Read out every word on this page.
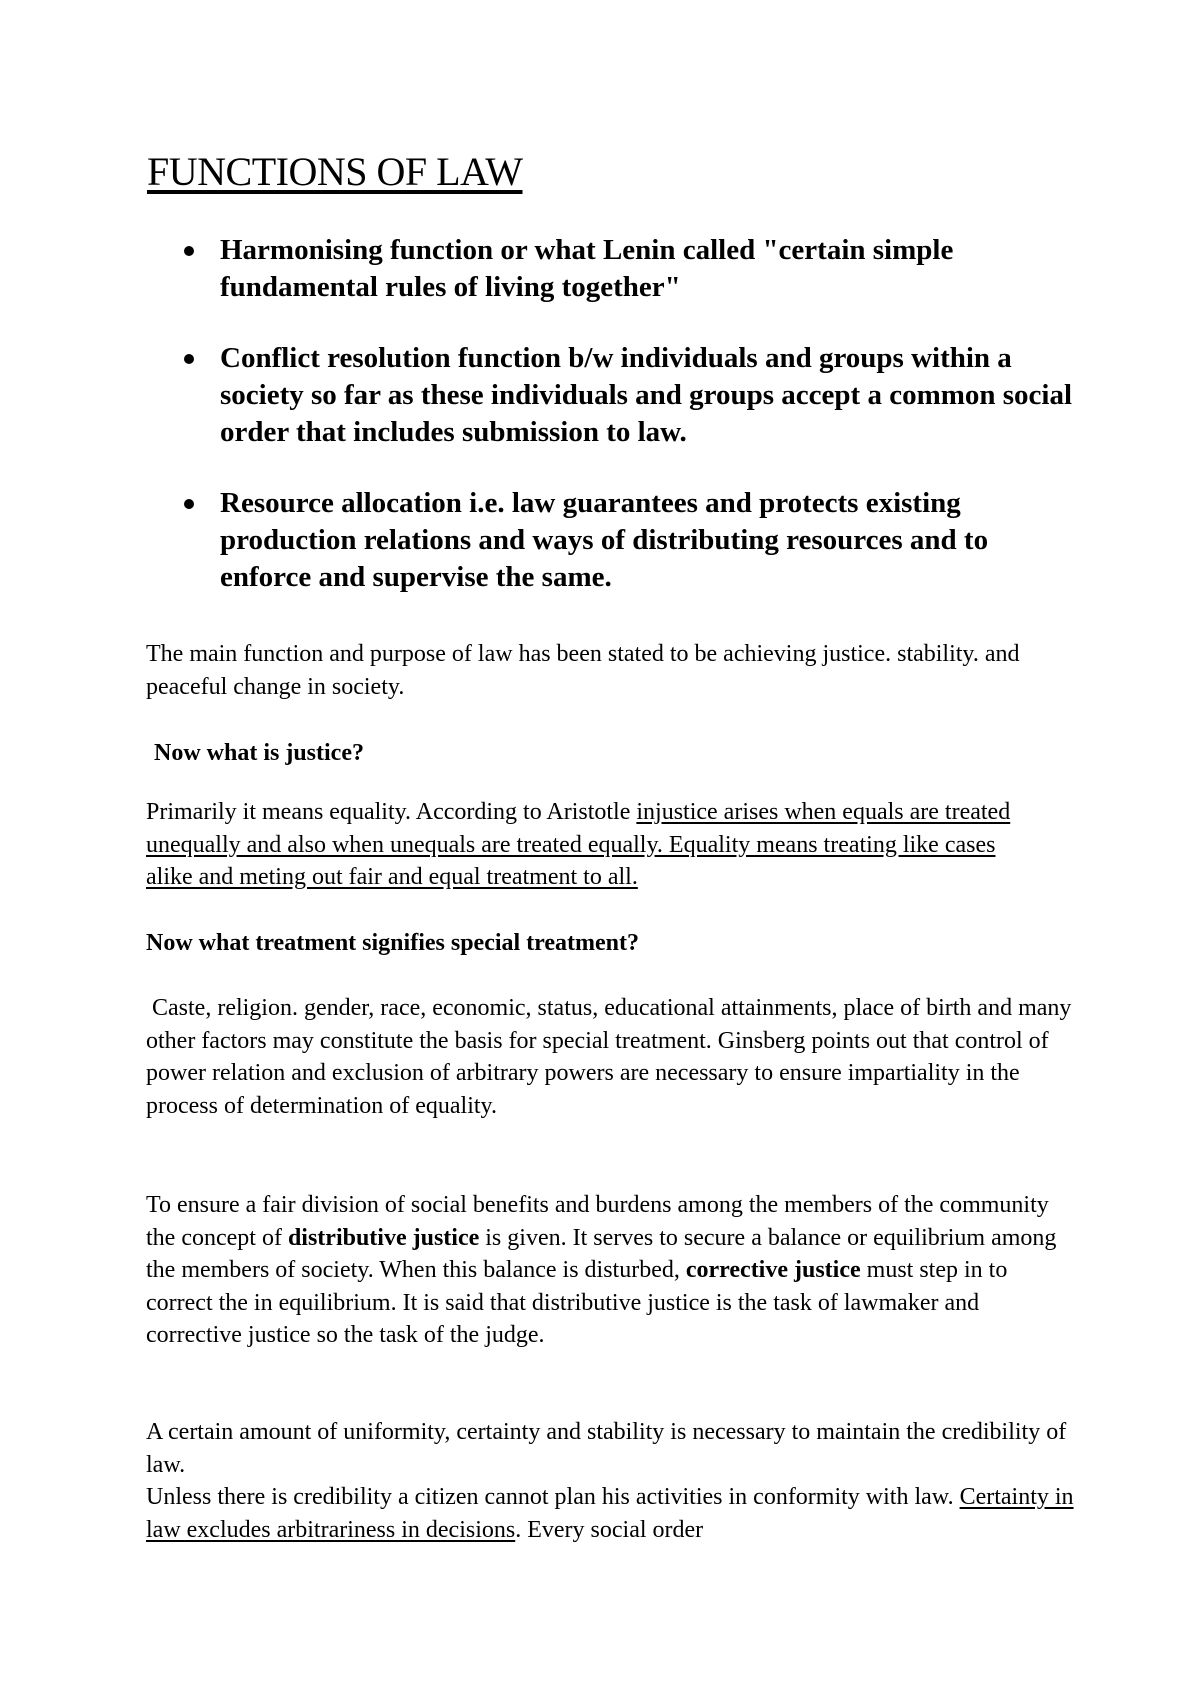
FUNCTIONS OF LAW
Harmonising function or what Lenin called "certain simple fundamental rules of living together"
Conflict resolution function b/w individuals and groups within a society so far as these individuals and groups accept a common social order that includes submission to law.
Resource allocation i.e. law guarantees and protects existing production relations and ways of distributing resources and to enforce and supervise the same.

The main function and purpose of law has been stated to be achieving justice. stability. and peaceful change in society.

Now what is justice?

Primarily it means equality. According to Aristotle injustice arises when equals are treated unequally and also when unequals are treated equally. Equality means treating like cases alike and meting out fair and equal treatment to all.

Now what treatment signifies special treatment?

Caste, religion. gender, race, economic, status, educational attainments, place of birth and many other factors may constitute the basis for special treatment. Ginsberg points out that control of power relation and exclusion of arbitrary powers are necessary to ensure impartiality in the process of determination of equality.

To ensure a fair division of social benefits and burdens among the members of the community the concept of distributive justice is given. It serves to secure a balance or equilibrium among the members of society. When this balance is disturbed, corrective justice must step in to correct the in equilibrium. It is said that distributive justice is the task of lawmaker and corrective justice so the task of the judge.

A certain amount of uniformity, certainty and stability is necessary to maintain the credibility of law.

Unless there is credibility a citizen cannot plan his activities in conformity with law. Certainty in law excludes arbitrariness in decisions. Every social order
